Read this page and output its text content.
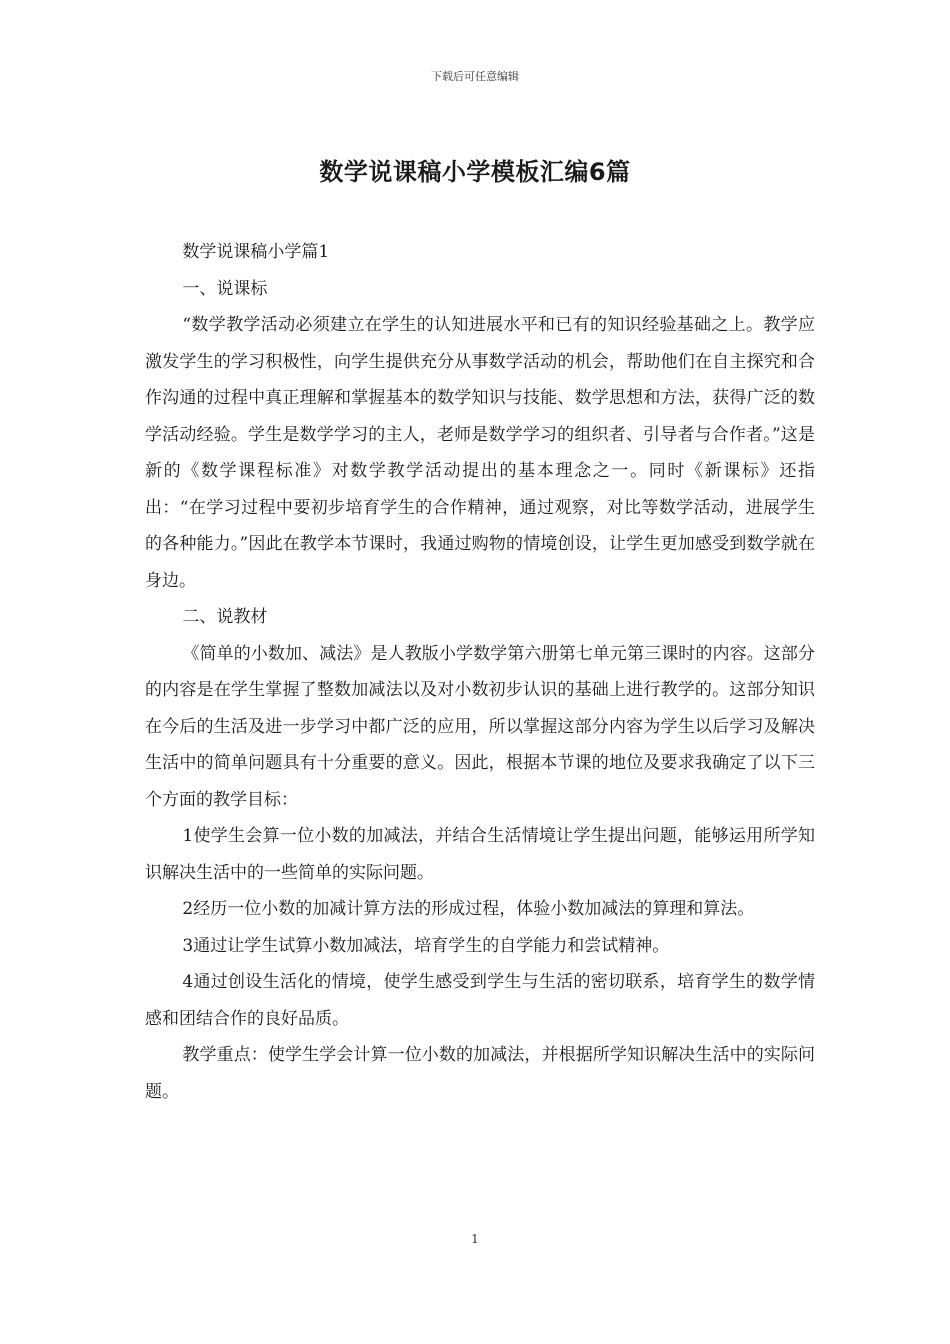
下载后可任意编辑
数学说课稿小学模板汇编6篇

数学说课稿小学篇1

一、说课标

“数学教学活动必须建立在学生的认知进展水平和已有的知识经验基础之上。教学应激发学生的学习积极性，向学生提供充分从事数学活动的机会，帮助他们在自主探究和合作沟通的过程中真正理解和掌握基本的数学知识与技能、数学思想和方法，获得广泛的数学活动经验。学生是数学学习的主人，老师是数学学习的组织者、引导者与合作者。”这是新的《数学课程标准》对数学教学活动提出的基本理念之一。同时《新课标》还指出：“在学习过程中要初步培育学生的合作精神，通过观察，对比等数学活动，进展学生的各种能力。”因此在教学本节课时，我通过购物的情境创设，让学生更加感受到数学就在身边。

二、说教材

《简单的小数加、减法》是人教版小学数学第六册第七单元第三课时的内容。这部分的内容是在学生掌握了整数加减法以及对小数初步认识的基础上进行教学的。这部分知识在今后的生活及进一步学习中都广泛的应用，所以掌握这部分内容为学生以后学习及解决生活中的简单问题具有十分重要的意义。因此，根据本节课的地位及要求我确定了以下三个方面的教学目标：

1使学生会算一位小数的加减法，并结合生活情境让学生提出问题，能够运用所学知识解决生活中的一些简单的实际问题。

2经历一位小数的加减计算方法的形成过程，体验小数加减法的算理和算法。

3通过让学生试算小数加减法，培育学生的自学能力和尝试精神。

4通过创设生活化的情境，使学生感受到学生与生活的密切联系，培育学生的数学情感和团结合作的良好品质。

教学重点：使学生学会计算一位小数的加减法，并根据所学知识解决生活中的实际问题。

1
